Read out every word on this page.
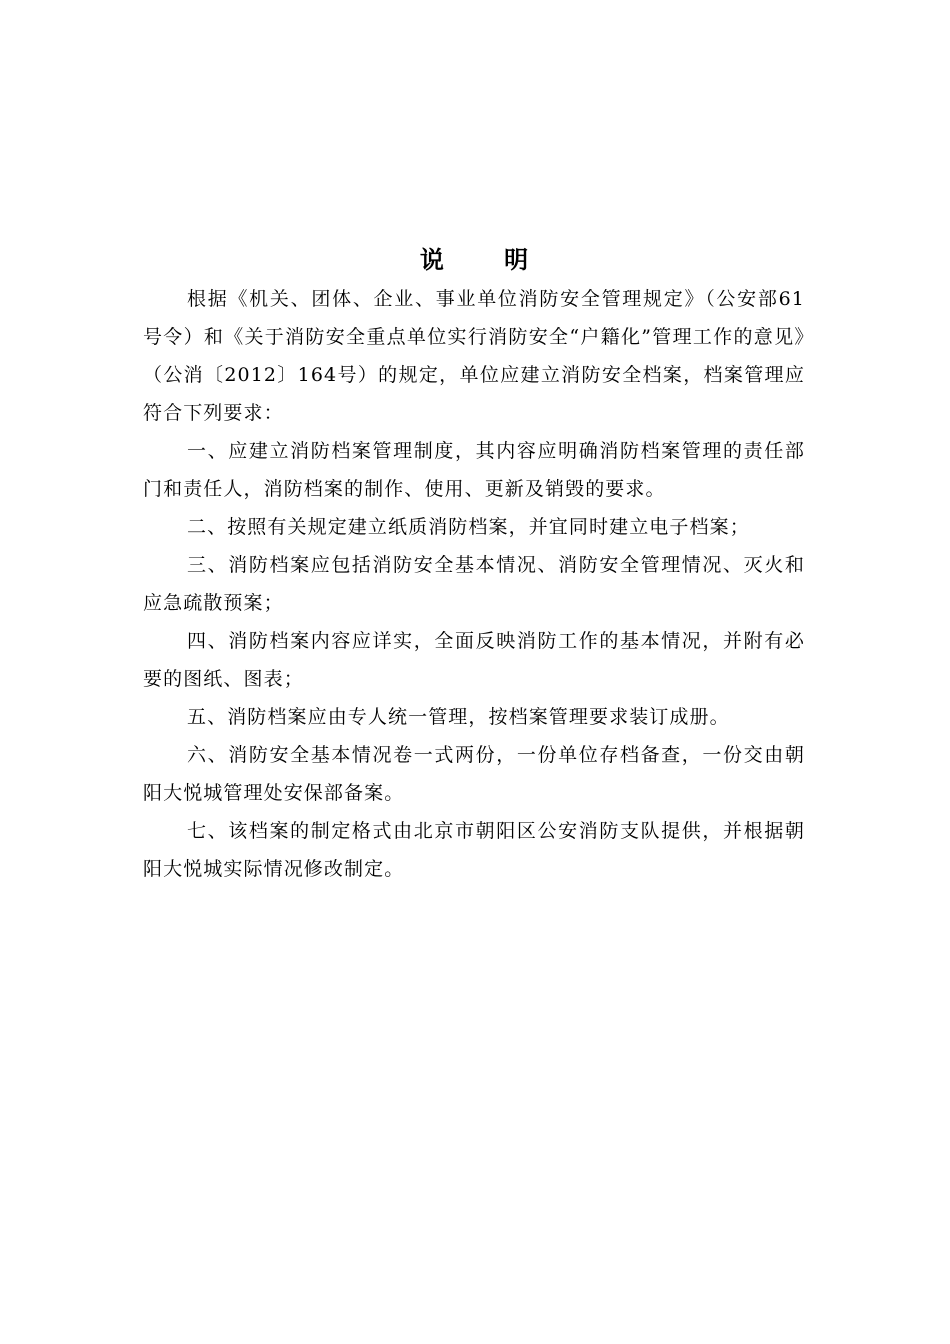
说 明

根据《机关、团体、企业、事业单位消防安全管理规定》（公安部61号令）和《关于消防安全重点单位实行消防安全“户籍化”管理工作的意见》（公消〔2012〕164号）的规定，单位应建立消防安全档案，档案管理应符合下列要求：

一、应建立消防档案管理制度，其内容应明确消防档案管理的责任部门和责任人，消防档案的制作、使用、更新及销毁的要求。

二、按照有关规定建立纸质消防档案，并宜同时建立电子档案；

三、消防档案应包括消防安全基本情况、消防安全管理情况、灭火和应急疏散预案；

四、消防档案内容应详实，全面反映消防工作的基本情况，并附有必要的图纸、图表；

五、消防档案应由专人统一管理，按档案管理要求装订成册。

六、消防安全基本情况卷一式两份，一份单位存档备查，一份交由朝阳大悦城管理处安保部备案。

七、该档案的制定格式由北京市朝阳区公安消防支队提供，并根据朝阳大悦城实际情况修改制定。
